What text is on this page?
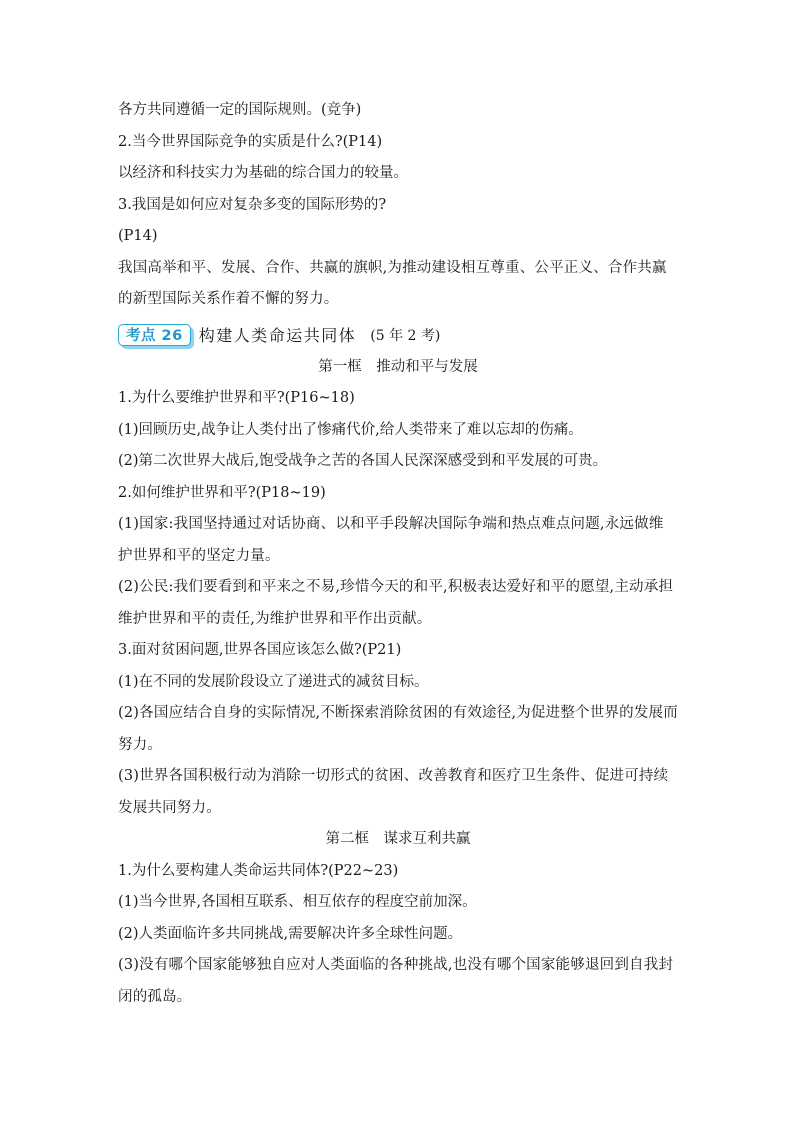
各方共同遵循一定的国际规则。(竞争)
2.当今世界国际竞争的实质是什么?(P14)
以经济和科技实力为基础的综合国力的较量。
3.我国是如何应对复杂多变的国际形势的?
(P14)
我国高举和平、发展、合作、共赢的旗帜,为推动建设相互尊重、公平正义、合作共赢的新型国际关系作着不懈的努力。
考点 26	构建人类命运共同体 (5 年 2 考)
第一框　推动和平与发展
1.为什么要维护世界和平?(P16~18)
(1)回顾历史,战争让人类付出了惨痛代价,给人类带来了难以忘却的伤痛。
(2)第二次世界大战后,饱受战争之苦的各国人民深深感受到和平发展的可贵。
2.如何维护世界和平?(P18~19)
(1)国家:我国坚持通过对话协商、以和平手段解决国际争端和热点难点问题,永远做维护世界和平的坚定力量。
(2)公民:我们要看到和平来之不易,珍惜今天的和平,积极表达爱好和平的愿望,主动承担维护世界和平的责任,为维护世界和平作出贡献。
3.面对贫困问题,世界各国应该怎么做?(P21)
(1)在不同的发展阶段设立了递进式的减贫目标。
(2)各国应结合自身的实际情况,不断探索消除贫困的有效途径,为促进整个世界的发展而努力。
(3)世界各国积极行动为消除一切形式的贫困、改善教育和医疗卫生条件、促进可持续发展共同努力。
第二框　谋求互利共赢
1.为什么要构建人类命运共同体?(P22~23)
(1)当今世界,各国相互联系、相互依存的程度空前加深。
(2)人类面临许多共同挑战,需要解决许多全球性问题。
(3)没有哪个国家能够独自应对人类面临的各种挑战,也没有哪个国家能够退回到自我封闭的孤岛。
